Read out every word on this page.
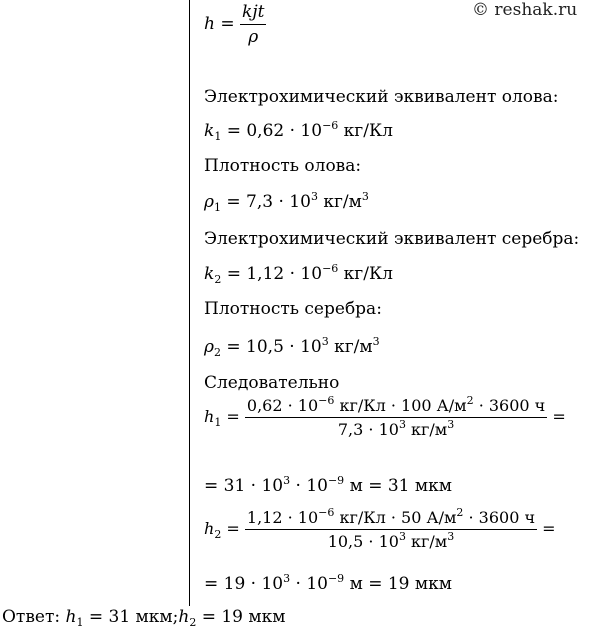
© reshak.ru
$h = \frac{\text{kjt}}{\rho}$
Электрохимический эквивалент олова:
$k_1 = 0,62 \cdot 10^{-6}$ кг/Кл
Плотность олова:
$\rho_1 = 7,3 \cdot 10^3$ $кг/м^3$
Электрохимический эквивалент серебра:
$k_2 = 1,12 \cdot 10^{-6}$ кг/Кл
Плотность серебра:
$\rho_2 = 10,5 \cdot 10^3$ $кг/м^3$
Следовательно
$h_1 = \frac{0,62 \cdot 10^{-6} кг/Кл \cdot 100 А/м^2 \cdot 3600 ч}{7,3 \cdot 10^3 кг/м^3}$ =
= $31 \cdot 10^3 \cdot 10^{-9}$ м = 31 мкм
$h_2 = \frac{1,12 \cdot 10^{-6} кг/Кл \cdot 50 А/м^2 \cdot 3600 ч}{10,5 \cdot 10^3 кг/м^3}$ =
= $19 \cdot 10^3 \cdot 10^{-9}$ м = 19 мкм
Ответ: $h_1 = 31$ $мкм;h_2 = 19$ мкм
